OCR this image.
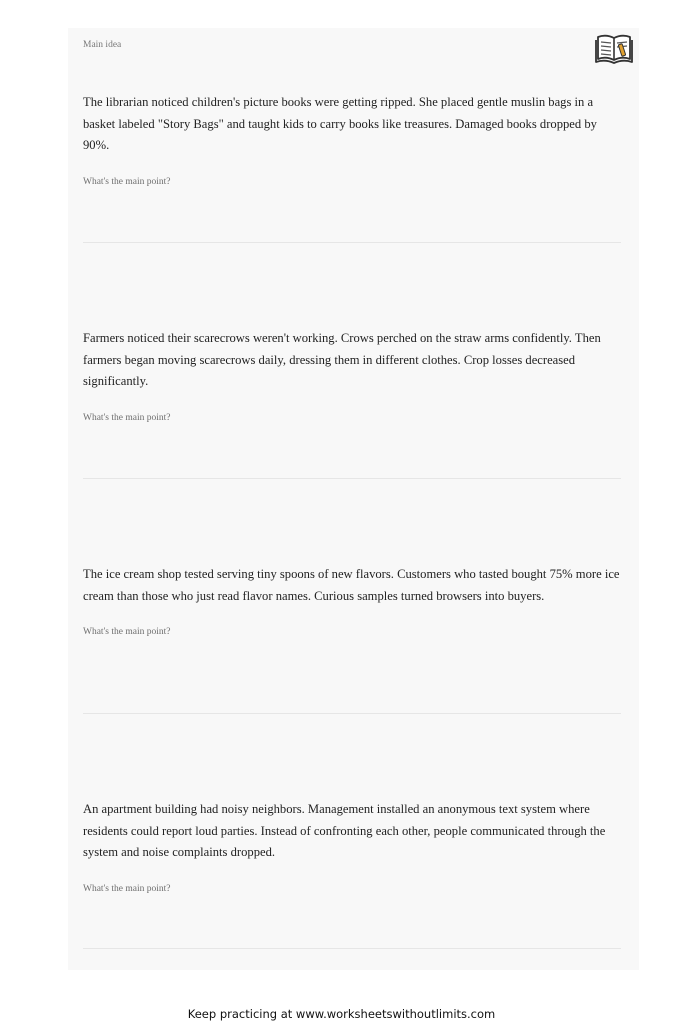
Main idea

The librarian noticed children's picture books were getting ripped. She placed gentle muslin bags in a basket labeled "Story Bags" and taught kids to carry books like treasures. Damaged books dropped by 90%.

What's the main point?

Farmers noticed their scarecrows weren't working. Crows perched on the straw arms confidently. Then farmers began moving scarecrows daily, dressing them in different clothes. Crop losses decreased significantly.

What's the main point?

The ice cream shop tested serving tiny spoons of new flavors. Customers who tasted bought 75% more ice cream than those who just read flavor names. Curious samples turned browsers into buyers.

What's the main point?

An apartment building had noisy neighbors. Management installed an anonymous text system where residents could report loud parties. Instead of confronting each other, people communicated through the system and noise complaints dropped.

What's the main point?
Keep practicing at www.worksheetswithoutlimits.com
